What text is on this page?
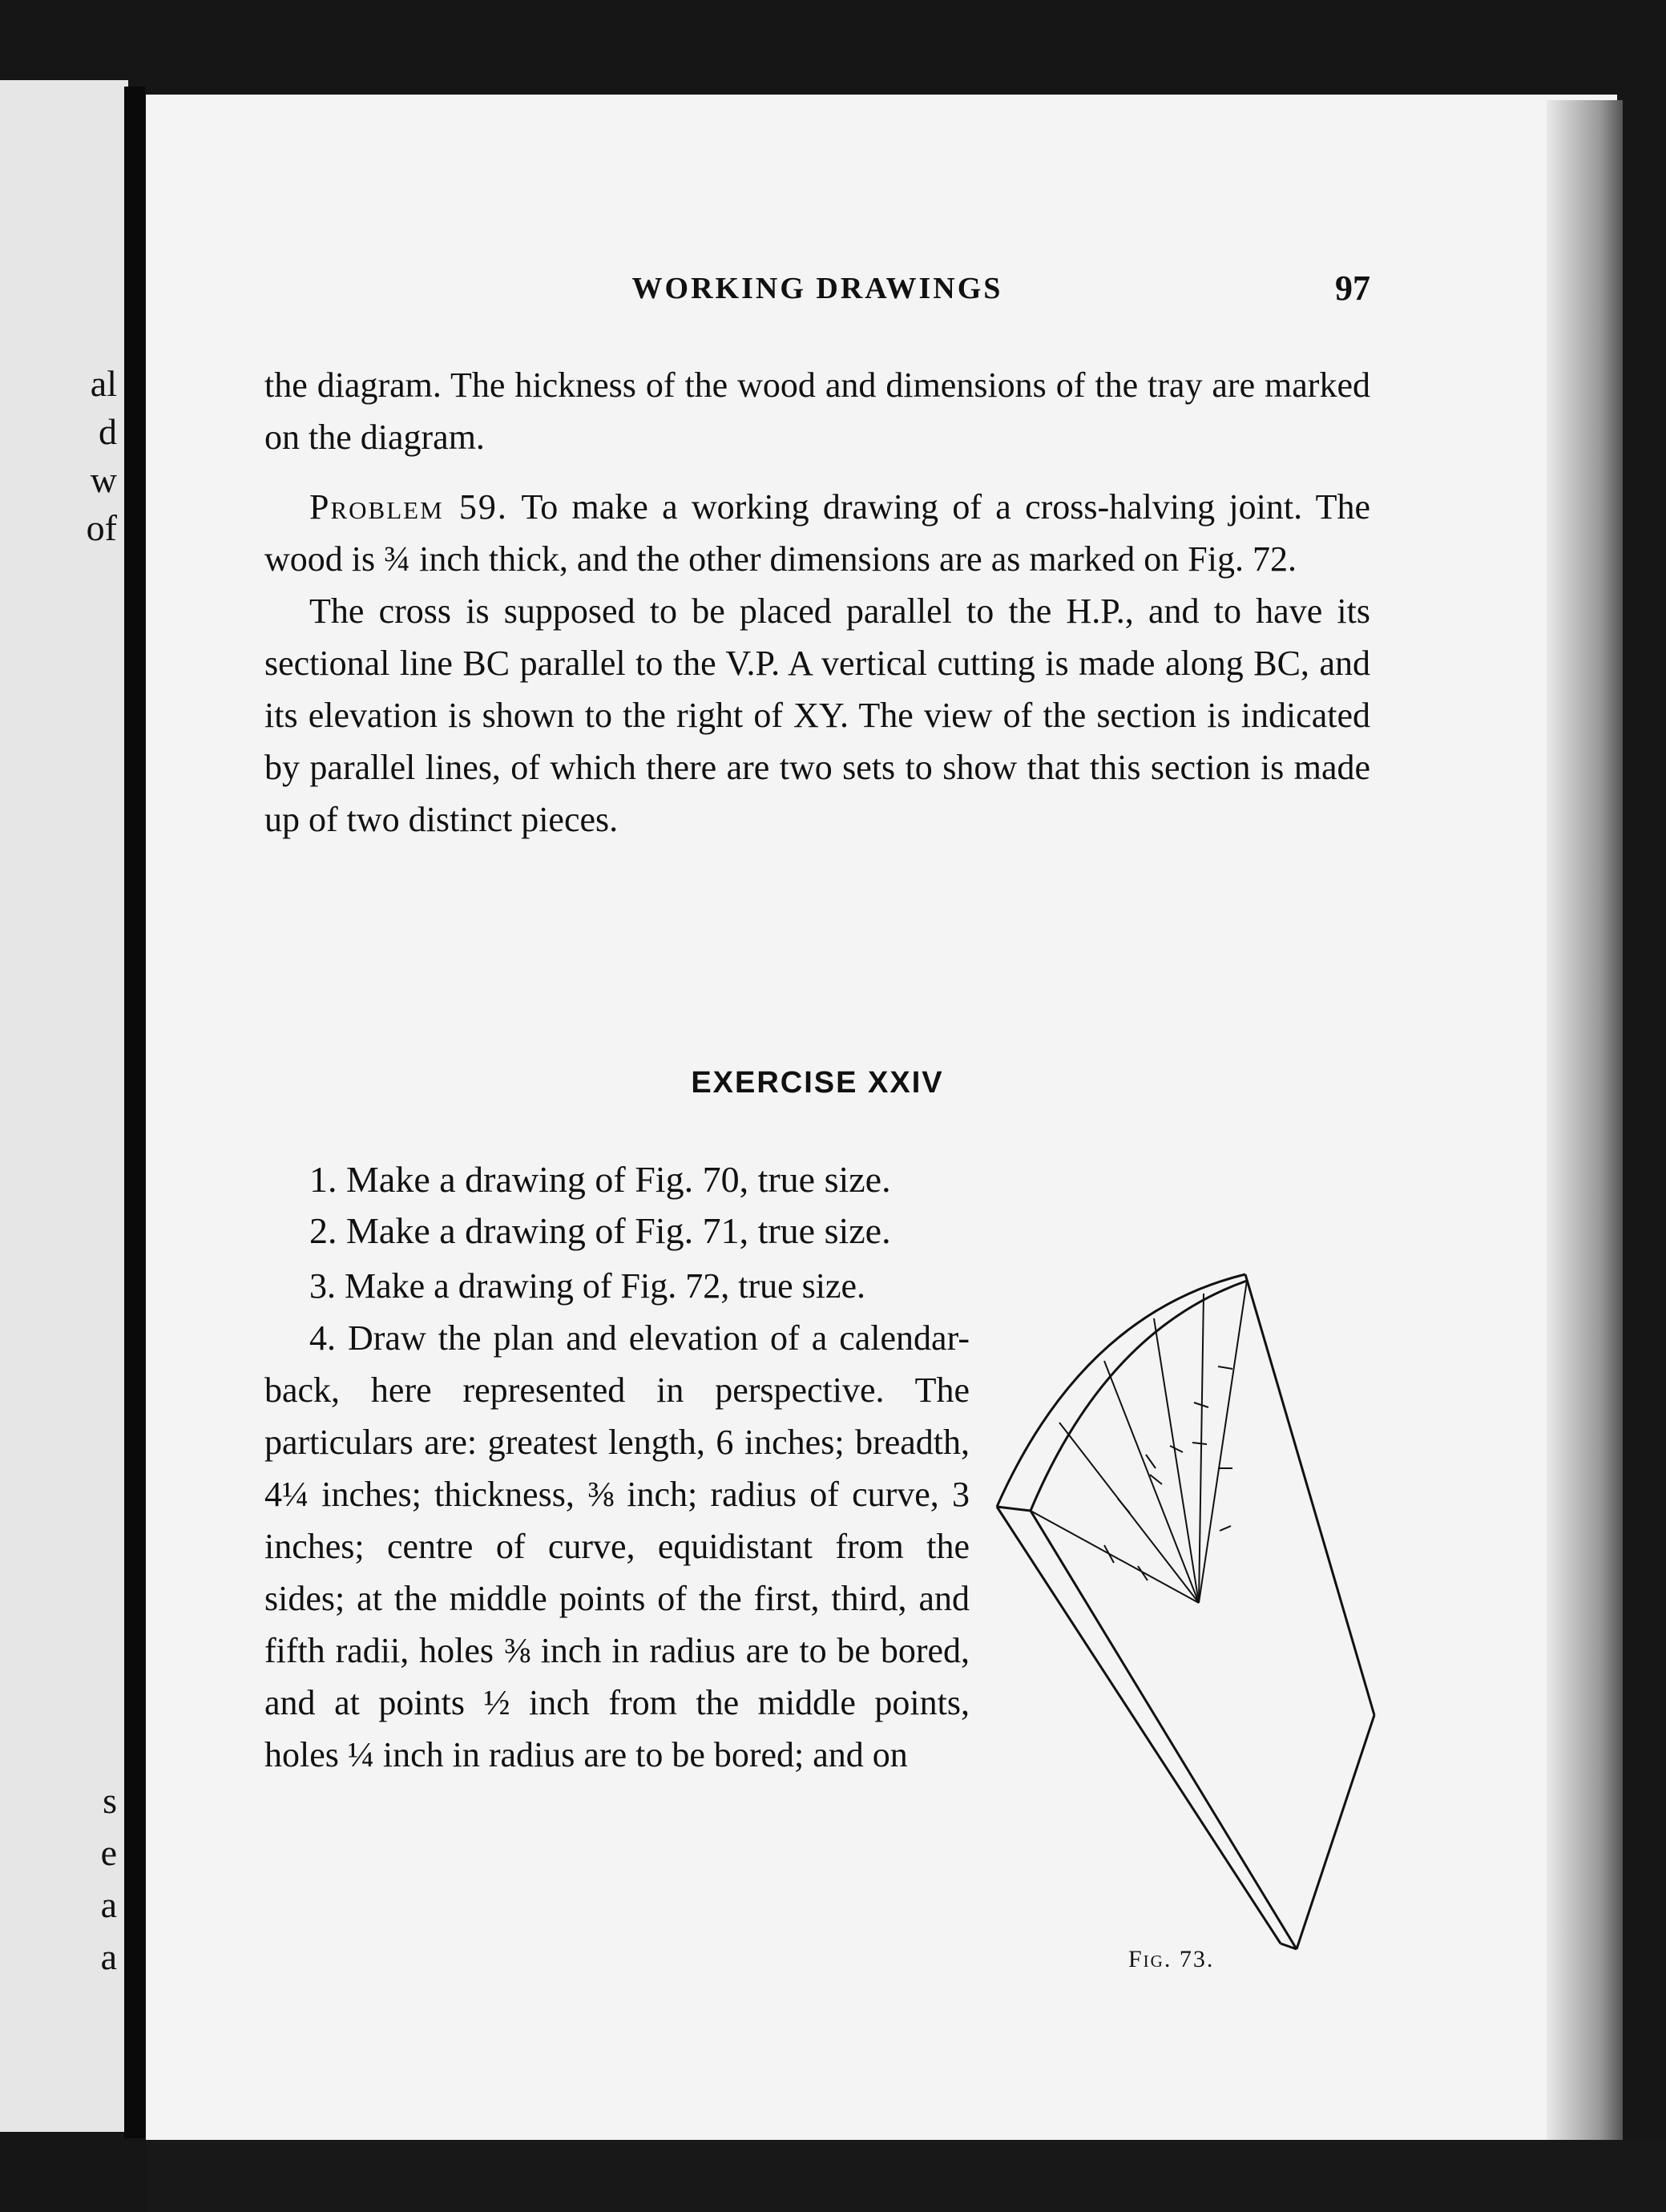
al
d
w
of
s
e
a
a
WORKING DRAWINGS	97

the diagram. The hickness of the wood and dimensions of the tray are marked on the diagram.

Problem 59. To make a working drawing of a cross-halving joint. The wood is ¾ inch thick, and the other dimensions are as marked on Fig. 72.

The cross is supposed to be placed parallel to the H.P., and to have its sectional line BC parallel to the V.P. A vertical cutting is made along BC, and its elevation is shown to the right of XY. The view of the section is indicated by parallel lines, of which there are two sets to show that this section is made up of two distinct pieces.

EXERCISE XXIV

1. Make a drawing of Fig. 70, true size.

2. Make a drawing of Fig. 71, true size.

3. Make a drawing of Fig. 72, true size.

4. Draw the plan and elevation of a calendar-back, here represented in perspective. The particulars are: greatest length, 6 inches; breadth, 4¼ inches; thickness, ⅜ inch; radius of curve, 3 inches; centre of curve, equidistant from the sides; at the middle points of the first, third, and fifth radii, holes ⅜ inch in radius are to be bored, and at points ½ inch from the middle points, holes ¼ inch in radius are to be bored; and on

Fig. 73.
